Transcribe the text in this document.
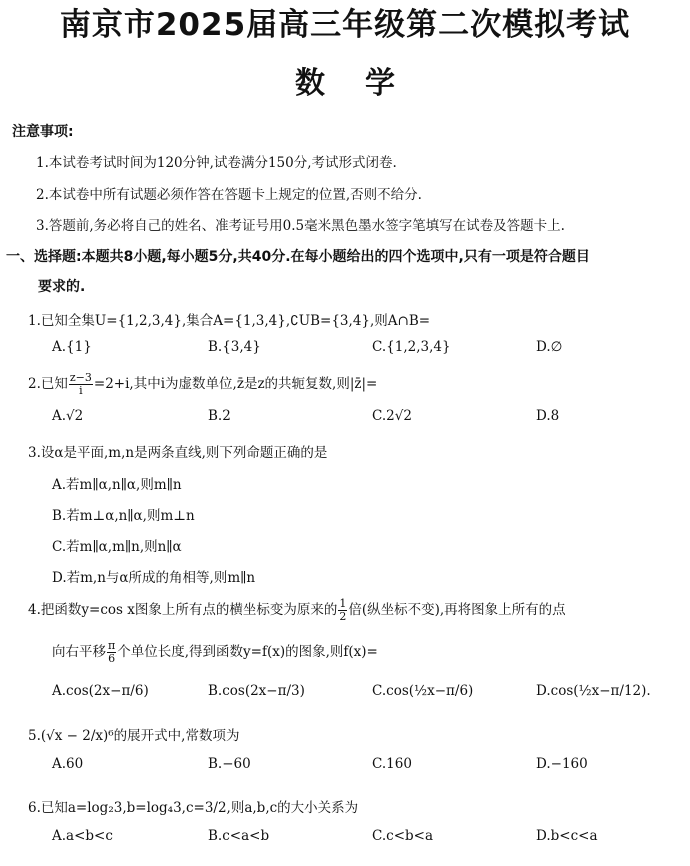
南京市2025届高三年级第二次模拟考试
数学
注意事项:
1.本试卷考试时间为120分钟,试卷满分150分,考试形式闭卷.
2.本试卷中所有试题必须作答在答题卡上规定的位置,否则不给分.
3.答题前,务必将自己的姓名、准考证号用0.5毫米黑色墨水签字笔填写在试卷及答题卡上.
一、选择题:本题共8小题,每小题5分,共40分.在每小题给出的四个选项中,只有一项是符合题目
要求的.
1.已知全集U={1,2,3,4},集合A={1,3,4},∁UB={3,4},则A∩B=
A.{1}	B.{3,4}	C.{1,2,3,4}	D.∅
2.已知 $\frac{z-3}{i} =2+i$,其中i为虚数单位,z̄是z的共轭复数,则|z̄|=
A.√2	B.2	C.2√2	D.8
3.设α是平面,m,n是两条直线,则下列命题正确的是
A.若m∥α,n∥α,则m∥n
B.若m⊥α,n∥α,则m⊥n
C.若m∥α,m∥n,则n∥α
D.若m,n与α所成的角相等,则m∥n
4.把函数y=cos x图象上所有点的横坐标变为原来的 $\frac{1}{2}$ 倍(纵坐标不变),再将图象上所有的点
向右平移 $\frac{\pi}{6}$ 个单位长度,得到函数y=f(x)的图象,则f(x)=
A.cos(2x−π/6)	B.cos(2x−π/3)	C.cos(½x−π/6)	D.cos(½x−π/12).
5.(√x − 2/x)⁶的展开式中,常数项为
A.60	B.−60	C.160	D.−160
6.已知a=log₂3,b=log₄3,c=3/2,则a,b,c的大小关系为
A.a<b<c	B.c<a<b	C.c<b<a	D.b<c<a
